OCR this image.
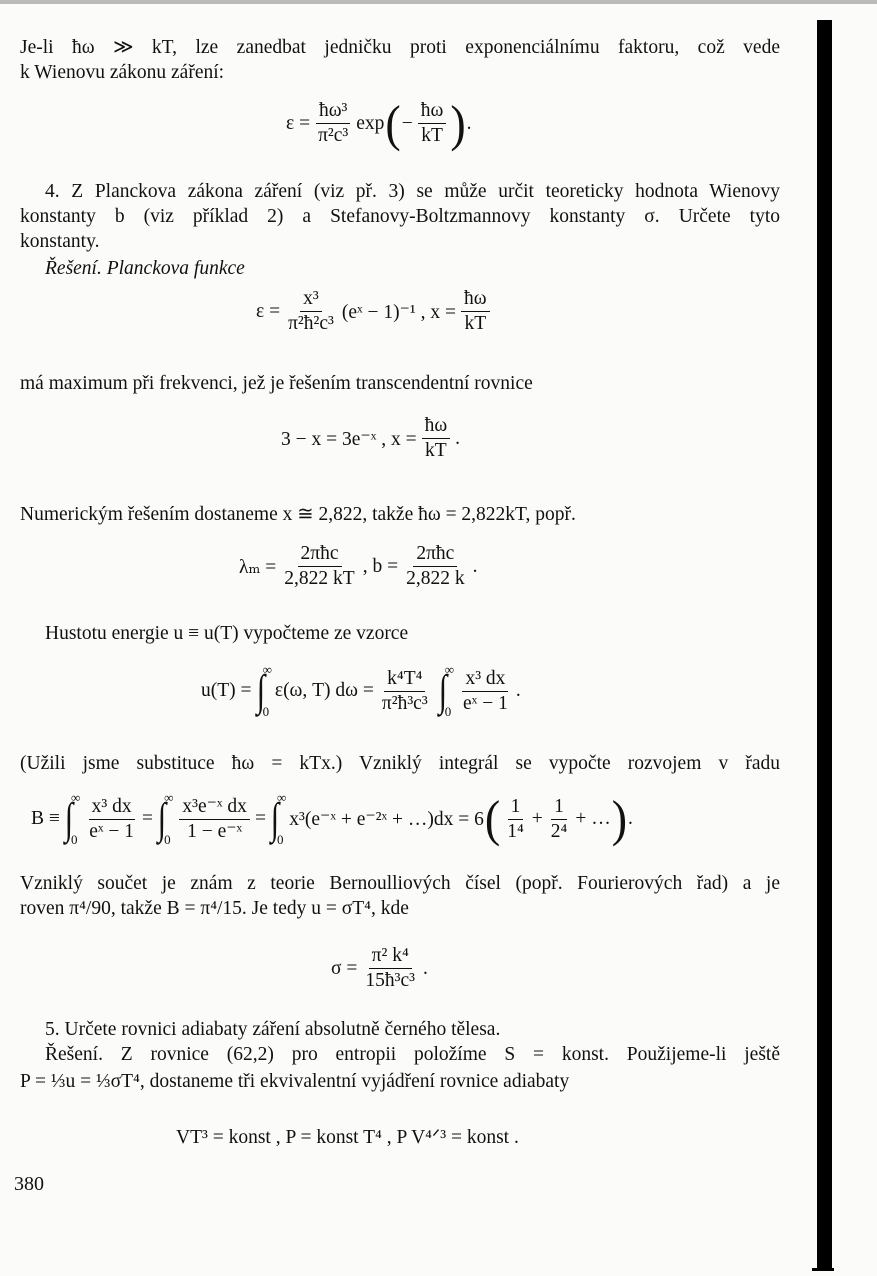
Je-li ħω ≫ kT, lze zanedbat jedničku proti exponenciálnímu faktoru, což vede
k Wienovu zákonu záření:
$\varepsilon = \frac{\text{ħω³}}{\text{π²c³}}$ exp ( − $\frac{ħ\omega}{kT}$ ) .
4. Z Planckova zákona záření (viz př. 3) se může určit teoreticky hodnota Wienovy
konstanty b (viz příklad 2) a Stefanovy-Boltzmannovy konstanty σ. Určete tyto
konstanty.
Řešení. Planckova funkce
$\varepsilon = \frac{\text{x³}}{\text{π²ħ²c³}}$ (eˣ − 1)⁻¹ , $x = \frac{ħ\omega}{kT}$
má maximum při frekvenci, jež je řešením transcendentní rovnice
3 − x = 3e⁻ˣ , $x = \frac{ħ\omega}{kT}$ .
Numerickým řešením dostaneme x ≅ 2,822, takže ħω = 2,822kT, popř.
$\lambda_m = \frac{\text{2πħc}}{2,822 kT}$ , $b = \frac{\text{2πħc}}{2,822 k}$ .
Hustotu energie u ≡ u(T) vypočteme ze vzorce
u(T) = ∫
∞
0
ε(ω, T) $d\omega = \frac{\text{k⁴T⁴}}{\text{π²ħ³c³}}$ ∫
∞
$0 \frac{\text{x³ dx}}{\text{eˣ − 1}}$ .
(Užili jsme substituce ħω = kTx.) Vzniklý integrál se vypočte rozvojem v řadu
B ≡ ∫
∞
$0 \frac{\text{x³ dx}}{\text{eˣ − 1}}$ = ∫
∞
$0 \frac{\text{x³e⁻ˣ dx}}{\text{1 − e⁻ˣ}}$ = ∫
∞
0
x³(e⁻ˣ + e⁻²ˣ + …)dx = 6 ( $\frac{1}{\text{1⁴}} + \frac{1}{\text{2⁴}}$ + … ) .
Vzniklý součet je znám z teorie Bernoulliových čísel (popř. Fourierových řad) a je
roven π⁴/90, takže B = π⁴/15. Je tedy u = σT⁴, kde
$\sigma = \frac{\text{π² k⁴}}{\text{15ħ³c³}}$ .
5. Určete rovnici adiabaty záření absolutně černého tělesa.
Řešení. Z rovnice (62,2) pro entropii položíme S = konst. Použijeme-li ještě
P = ⅓u = ⅓σT⁴, dostaneme tři ekvivalentní vyjádření rovnice adiabaty
VT³ = konst , P = konst T⁴ , P V⁴ᐟ³ = konst .
380
